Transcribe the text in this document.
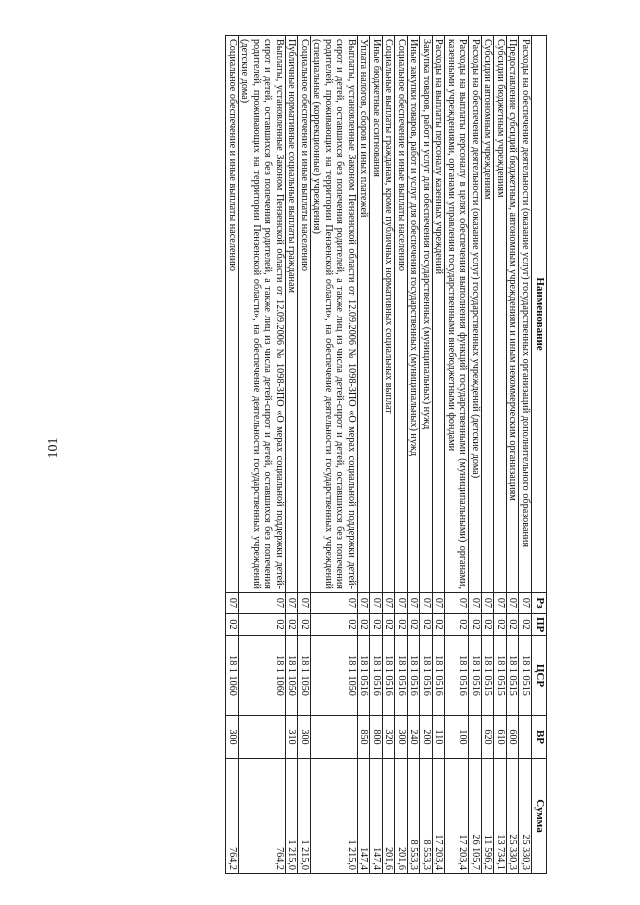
101
Наименование	Рз	ПР	ЦСР	ВР	Сумма
Расходы на обеспечение деятельности (оказание услуг) государственных организаций дополнительного образования	07	02	18 1 0515		25 330,3
Предоставление субсидий бюджетным, автономным учреждениям и иным некоммерческим организациям	07	02	18 1 0515	600	25 330,3
Субсидии бюджетным учреждениям	07	02	18 1 0515	610	13 734,1
Субсидии автономным учреждениям	07	02	18 1 0515	620	11 596,2
Расходы на обеспечение деятельности (оказание услуг) государственных учреждений (детские дома)	07	02	18 1 0516		26 105,7
Расходы на выплаты персоналу в целях обеспечения выполнения функций государственными (муниципальными) органами, казенными учреждениями, органами управления государственными внебюджетными фондами	07	02	18 1 0516	100	17 203,4
Расходы на выплаты персоналу казенных учреждений	07	02	18 1 0516	110	17 203,4
Закупка товаров, работ и услуг для обеспечения государственных (муниципальных) нужд	07	02	18 1 0516	200	8 553,3
Иные закупки товаров, работ и услуг для обеспечения государственных (муниципальных) нужд	07	02	18 1 0516	240	8 553,3
Социальное обеспечение и иные выплаты населению	07	02	18 1 0516	300	201,6
Социальные выплаты гражданам, кроме публичных нормативных социальных выплат	07	02	18 1 0516	320	201,6
Иные бюджетные ассигнования	07	02	18 1 0516	800	147,4
Уплата налогов, сборов и иных платежей	07	02	18 1 0516	850	147,4
Выплаты, установленные Законом Пензенской области от 12.09.2006 № 1098-ЗПО «О мерах социальной поддержки детей-сирот и детей, оставшихся без попечения родителей, а также лиц из числа детей-сирот и детей, оставшихся без попечения родителей, проживающих на территории Пензенской области», на обеспечение деятельности государственных учреждений (специальные (коррекционные) учреждения)	07	02	18 1 1050		1 215,0
Социальное обеспечение и иные выплаты населению	07	02	18 1 1050	300	1 215,0
Публичные нормативные социальные выплаты гражданам	07	02	18 1 1050	310	1 215,0
Выплаты, установленные Законом Пензенской области от 12.09.2006 № 1098-ЗПО «О мерах социальной поддержки детей-сирот и детей, оставшихся без попечения родителей, а также лиц из числа детей-сирот и детей, оставшихся без попечения родителей, проживающих на территории Пензенской области», на обеспечение деятельности государственных учреждений (детские дома)	07	02	18 1 1060		764,2
Социальное обеспечение и иные выплаты населению	07	02	18 1 1060	300	764,2
